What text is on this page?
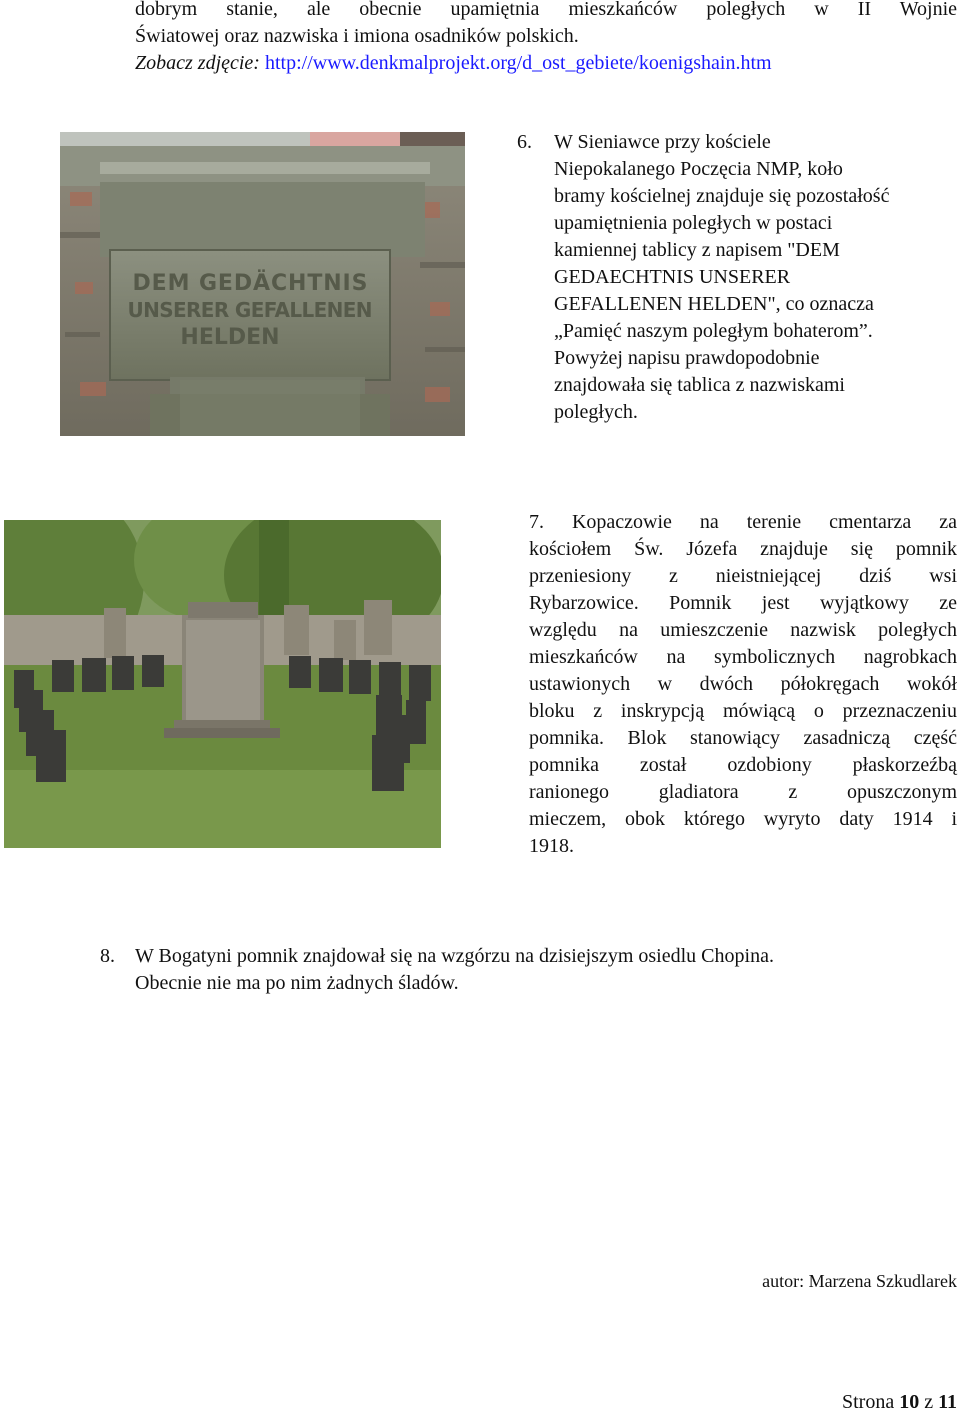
dobrym stanie, ale obecnie upamiętnia mieszkańców poległych w II Wojnie
Światowej oraz nazwiska i imiona osadników polskich.
Zobacz zdjęcie: http://www.denkmalprojekt.org/d_ost_gebiete/koenigshain.htm
DEM GEDÄCHTNIS
UNSERER GEFALLENEN
HELDEN
6. W Sieniawce przy kościele
Niepokalanego Poczęcia NMP, koło
bramy kościelnej znajduje się pozostałość
upamiętnienia poległych w postaci
kamiennej tablicy z napisem "DEM
GEDAECHTNIS UNSERER
GEFALLENEN HELDEN", co oznacza
„Pamięć naszym poległym bohaterom”.
Powyżej napisu prawdopodobnie
znajdowała się tablica z nazwiskami
poległych.
7. Kopaczowie na terenie cmentarza za
kościołem Św. Józefa znajduje się pomnik
przeniesiony z nieistniejącej dziś wsi
Rybarzowice. Pomnik jest wyjątkowy ze
względu na umieszczenie nazwisk poległych
mieszkańców na symbolicznych nagrobkach
ustawionych w dwóch półokręgach wokół
bloku z inskrypcją mówiącą o przeznaczeniu
pomnika. Blok stanowiący zasadniczą część
pomnika został ozdobiony płaskorzeźbą
ranionego gladiatora z opuszczonym
mieczem, obok którego wyryto daty 1914 i
1918.
8. W Bogatyni pomnik znajdował się na wzgórzu na dzisiejszym osiedlu Chopina.
Obecnie nie ma po nim żadnych śladów.
autor: Marzena Szkudlarek
Strona 10 z 11
